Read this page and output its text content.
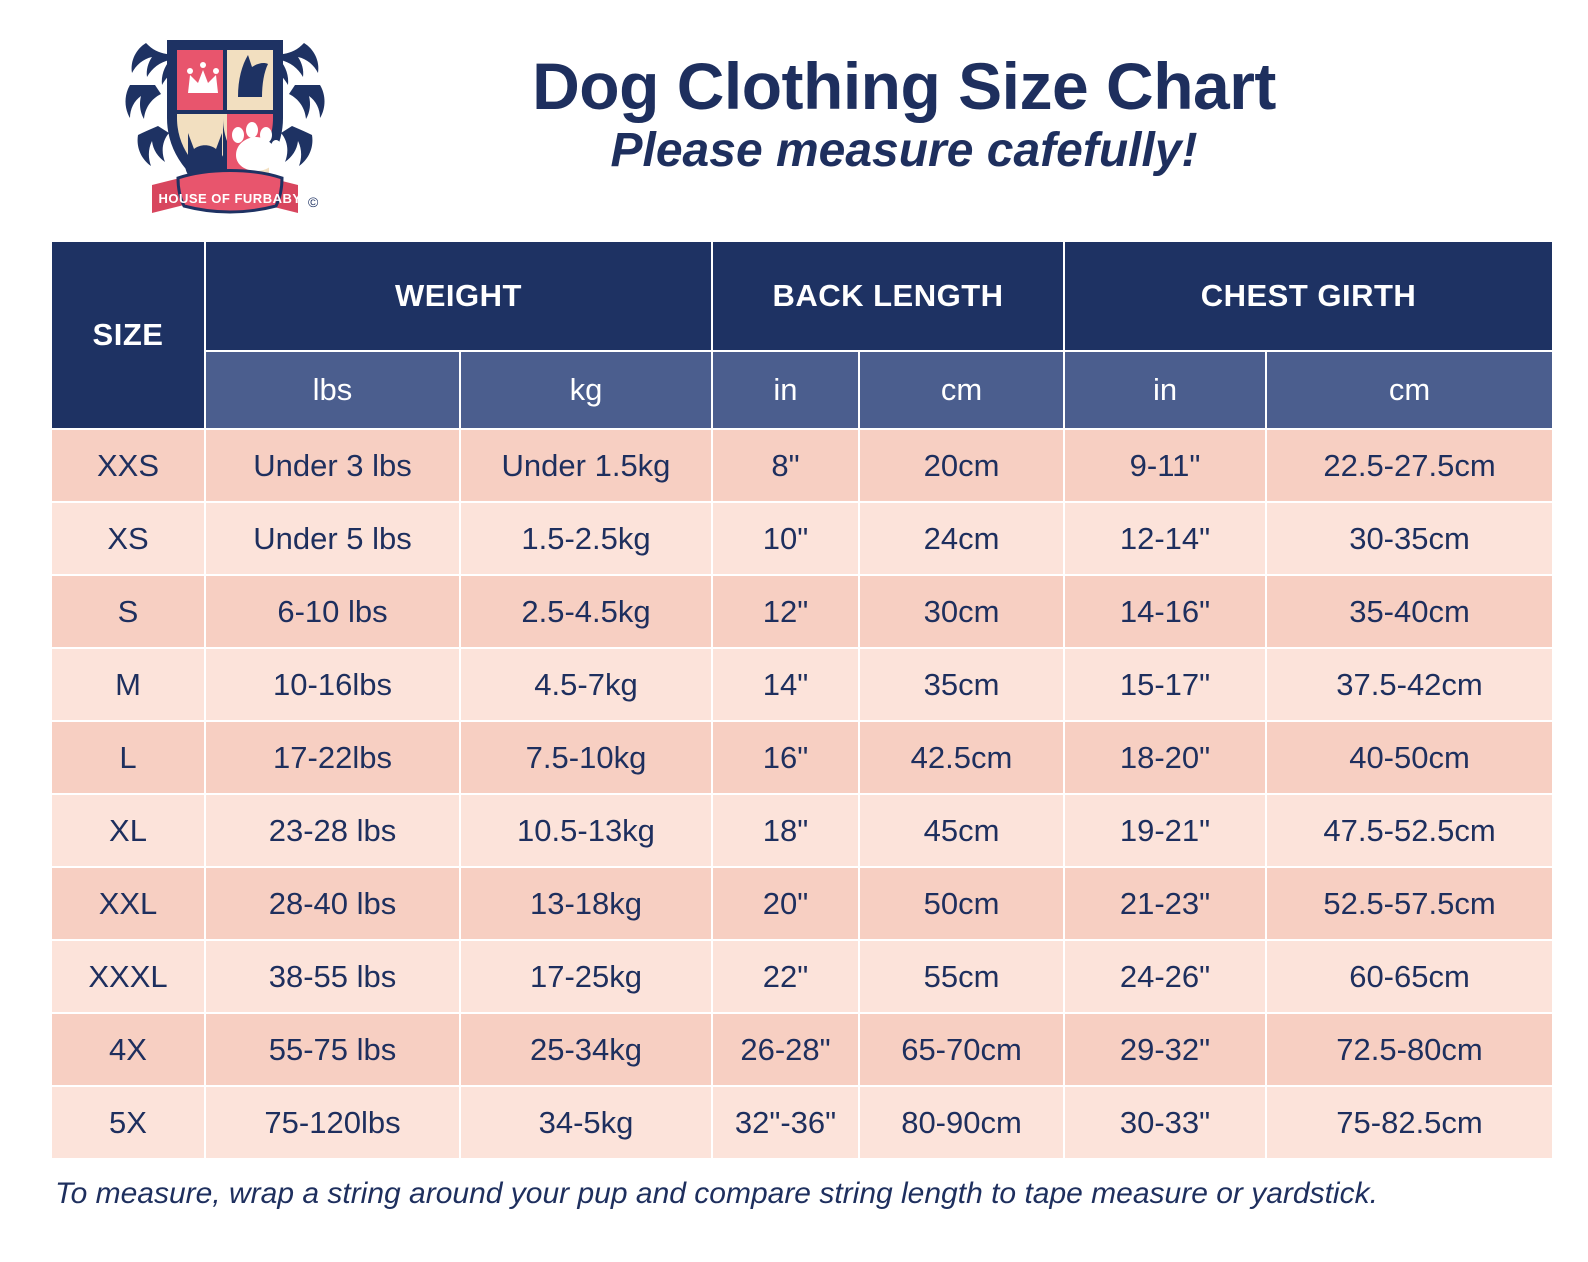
HOUSE OF FURBABY ©
Dog Clothing Size Chart
Please measure cafefully!
SIZE	WEIGHT		BACK LENGTH		CHEST GIRTH	
	lbs	kg	in	cm	in	cm
XXS	Under 3 lbs	Under 1.5kg	8"	20cm	9-11"	22.5-27.5cm
XS	Under 5 lbs	1.5-2.5kg	10"	24cm	12-14"	30-35cm
S	6-10 lbs	2.5-4.5kg	12"	30cm	14-16"	35-40cm
M	10-16lbs	4.5-7kg	14"	35cm	15-17"	37.5-42cm
L	17-22lbs	7.5-10kg	16"	42.5cm	18-20"	40-50cm
XL	23-28 lbs	10.5-13kg	18"	45cm	19-21"	47.5-52.5cm
XXL	28-40 lbs	13-18kg	20"	50cm	21-23"	52.5-57.5cm
XXXL	38-55 lbs	17-25kg	22"	55cm	24-26"	60-65cm
4X	55-75 lbs	25-34kg	26-28"	65-70cm	29-32"	72.5-80cm
5X	75-120lbs	34-5kg	32"-36"	80-90cm	30-33"	75-82.5cm
To measure, wrap a string around your pup and compare string length to tape measure or yardstick.
